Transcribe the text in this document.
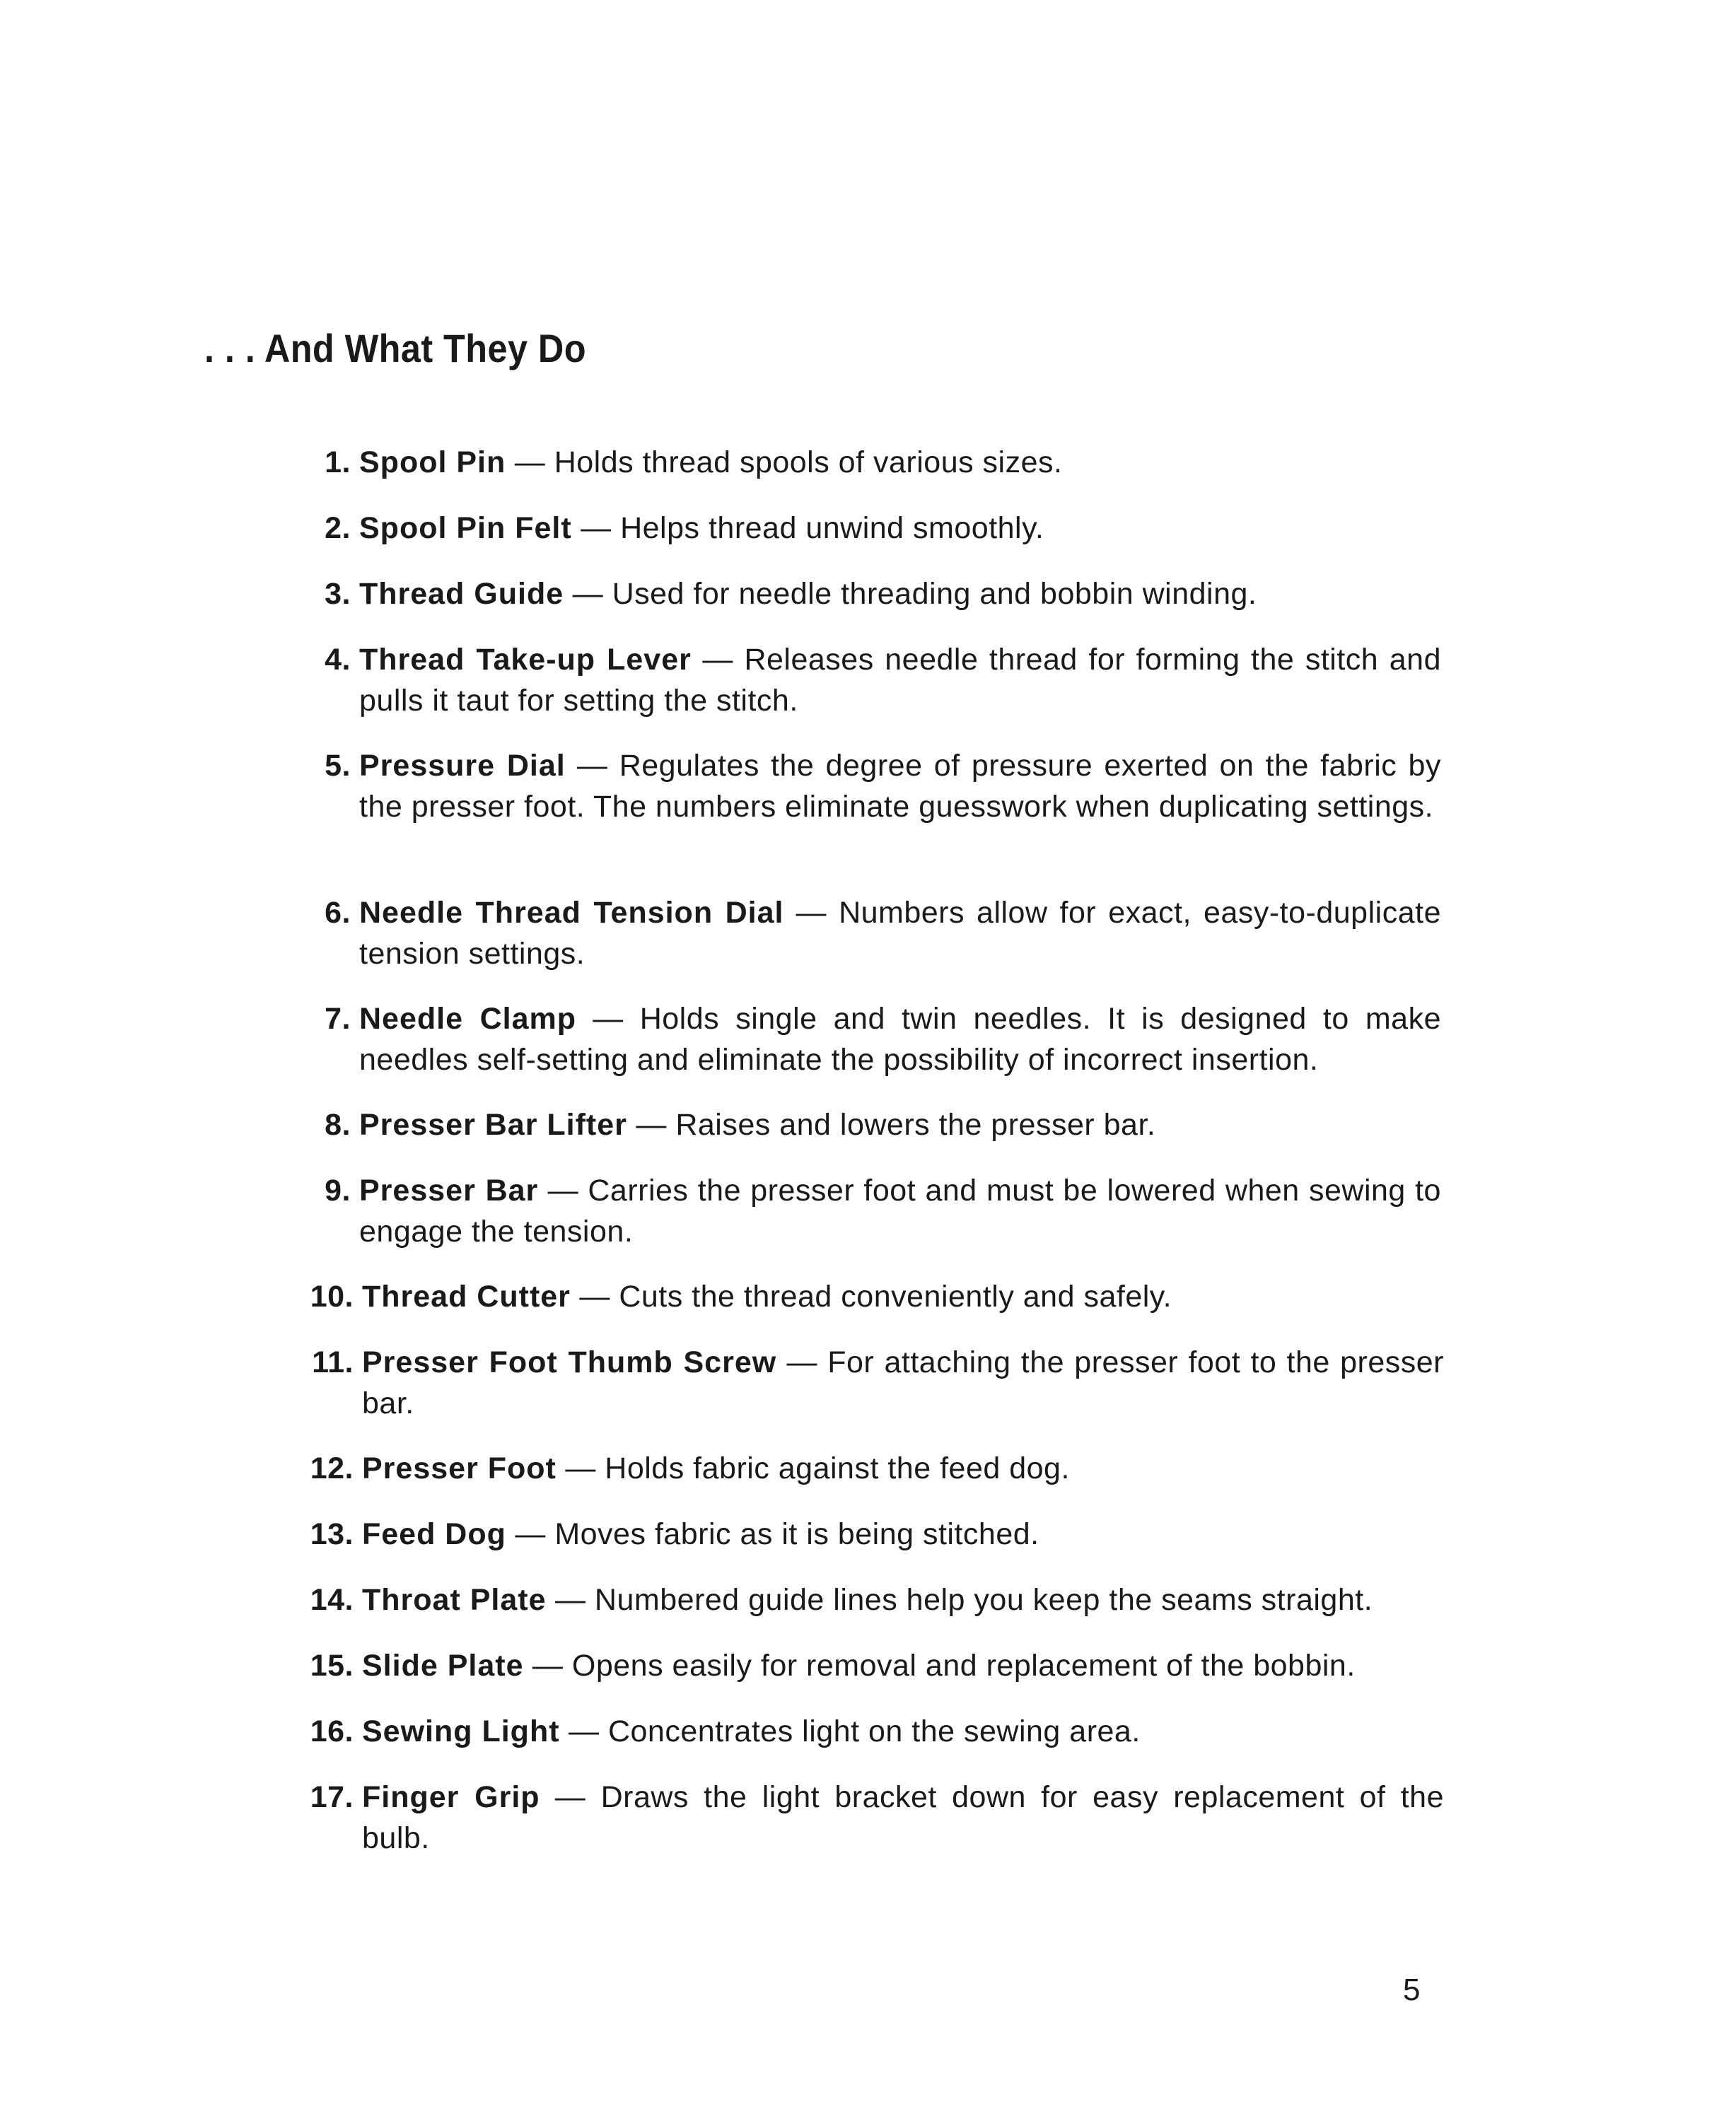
. . . And What They Do
1. Spool Pin — Holds thread spools of various sizes.
2. Spool Pin Felt — Helps thread unwind smoothly.
3. Thread Guide — Used for needle threading and bobbin winding.
4. Thread Take-up Lever — Releases needle thread for forming the stitch and pulls it taut for setting the stitch.
5. Pressure Dial — Regulates the degree of pressure exerted on the fabric by the presser foot. The numbers eliminate guesswork when duplicating settings.
6. Needle Thread Tension Dial — Numbers allow for exact, easy-to-duplicate tension settings.
7. Needle Clamp — Holds single and twin needles. It is designed to make needles self-setting and eliminate the possibility of incorrect insertion.
8. Presser Bar Lifter — Raises and lowers the presser bar.
9. Presser Bar — Carries the presser foot and must be lowered when sewing to engage the tension.
10. Thread Cutter — Cuts the thread conveniently and safely.
11. Presser Foot Thumb Screw — For attaching the presser foot to the presser bar.
12. Presser Foot — Holds fabric against the feed dog.
13. Feed Dog — Moves fabric as it is being stitched.
14. Throat Plate — Numbered guide lines help you keep the seams straight.
15. Slide Plate — Opens easily for removal and replacement of the bobbin.
16. Sewing Light — Concentrates light on the sewing area.
17. Finger Grip — Draws the light bracket down for easy replacement of the bulb.
5
